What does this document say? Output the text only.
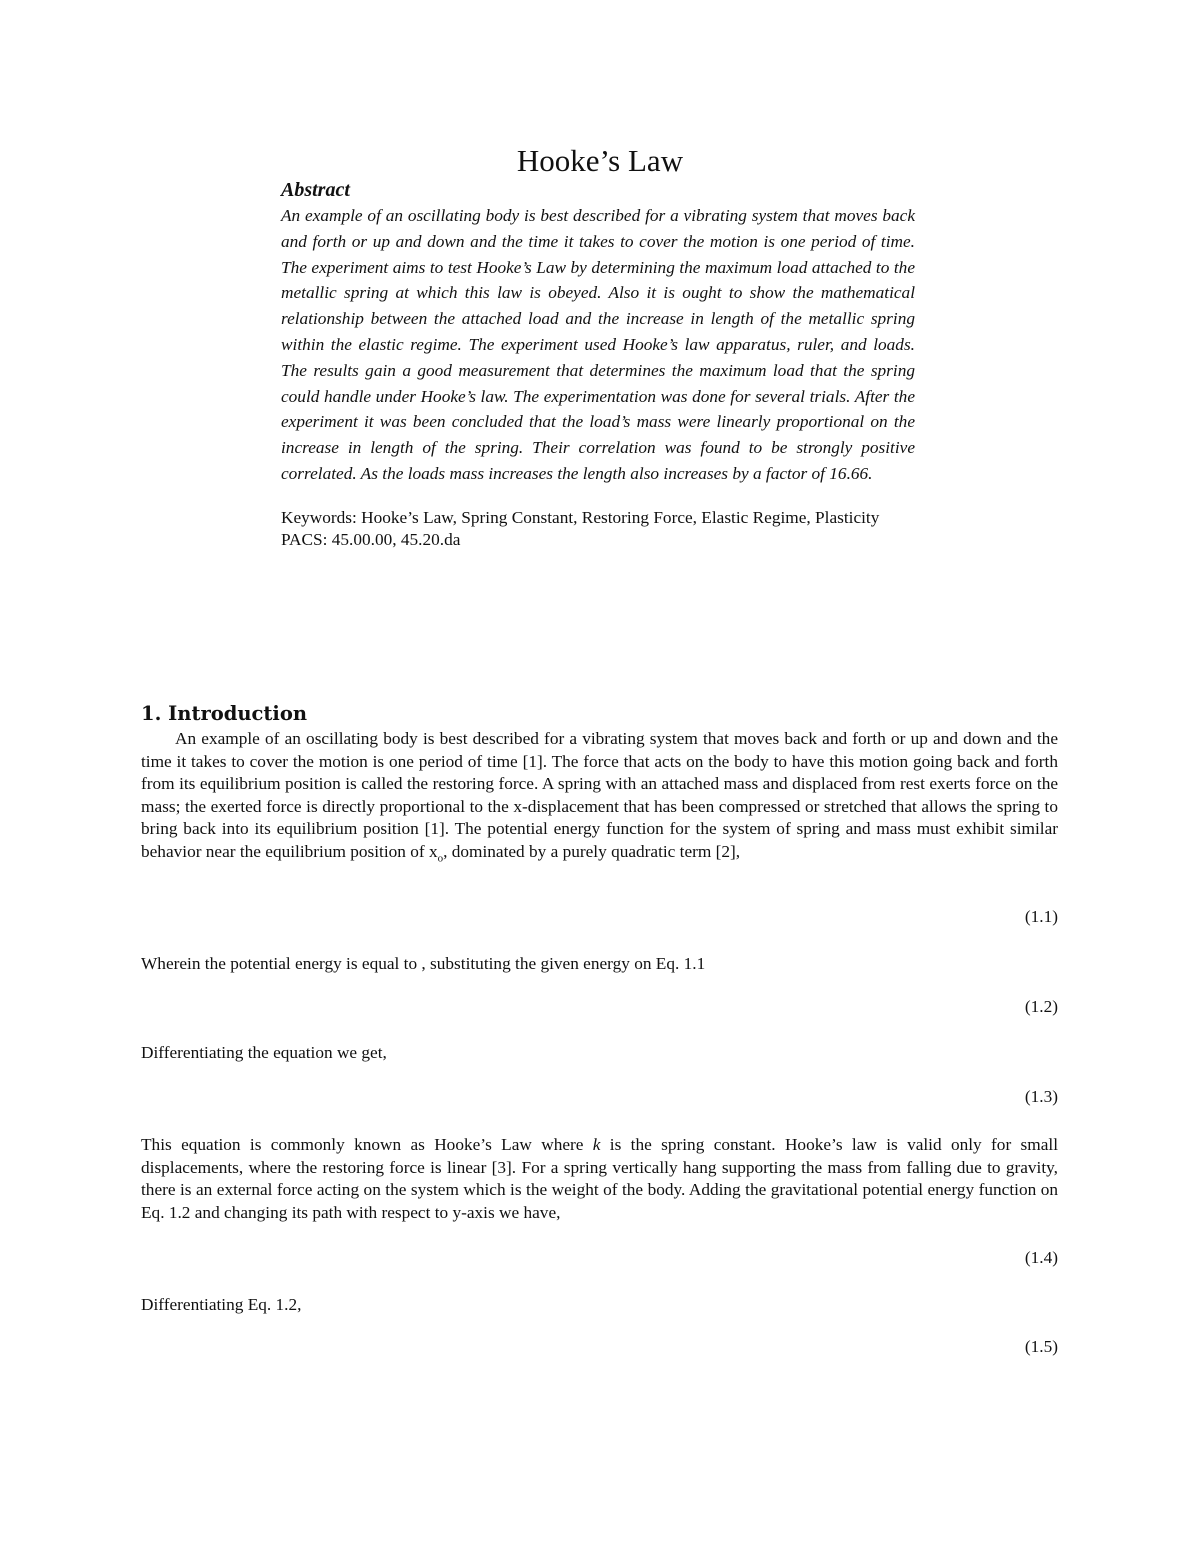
Hooke’s Law
Abstract

An example of an oscillating body is best described for a vibrating system that moves back and forth or up and down and the time it takes to cover the motion is one period of time. The experiment aims to test Hooke’s Law by determining the maximum load attached to the metallic spring at which this law is obeyed. Also it is ought to show the mathematical relationship between the attached load and the increase in length of the metallic spring within the elastic regime. The experiment used Hooke’s law apparatus, ruler, and loads. The results gain a good measurement that determines the maximum load that the spring could handle under Hooke’s law. The experimentation was done for several trials. After the experiment it was been concluded that the load’s mass were linearly proportional on the increase in length of the spring. Their correlation was found to be strongly positive correlated. As the loads mass increases the length also increases by a factor of 16.66.

Keywords: Hooke’s Law, Spring Constant, Restoring Force, Elastic Regime, Plasticity
PACS: 45.00.00, 45.20.da
1. Introduction

An example of an oscillating body is best described for a vibrating system that moves back and forth or up and down and the time it takes to cover the motion is one period of time [1]. The force that acts on the body to have this motion going back and forth from its equilibrium position is called the restoring force. A spring with an attached mass and displaced from rest exerts force on the mass; the exerted force is directly proportional to the x-displacement that has been compressed or stretched that allows the spring to bring back into its equilibrium position [1]. The potential energy function for the system of spring and mass must exhibit similar behavior near the equilibrium position of $x_o$, dominated by a purely quadratic term [2],

(1.1)
Wherein the potential energy is equal to , substituting the given energy on Eq. 1.1
(1.2)
Differentiating the equation we get,
(1.3)

This equation is commonly known as Hooke’s Law where k is the spring constant. Hooke’s law is valid only for small displacements, where the restoring force is linear [3]. For a spring vertically hang supporting the mass from falling due to gravity, there is an external force acting on the system which is the weight of the body. Adding the gravitational potential energy function on Eq. 1.2 and changing its path with respect to y-axis we have,

(1.4)
Differentiating Eq. 1.2,
(1.5)
